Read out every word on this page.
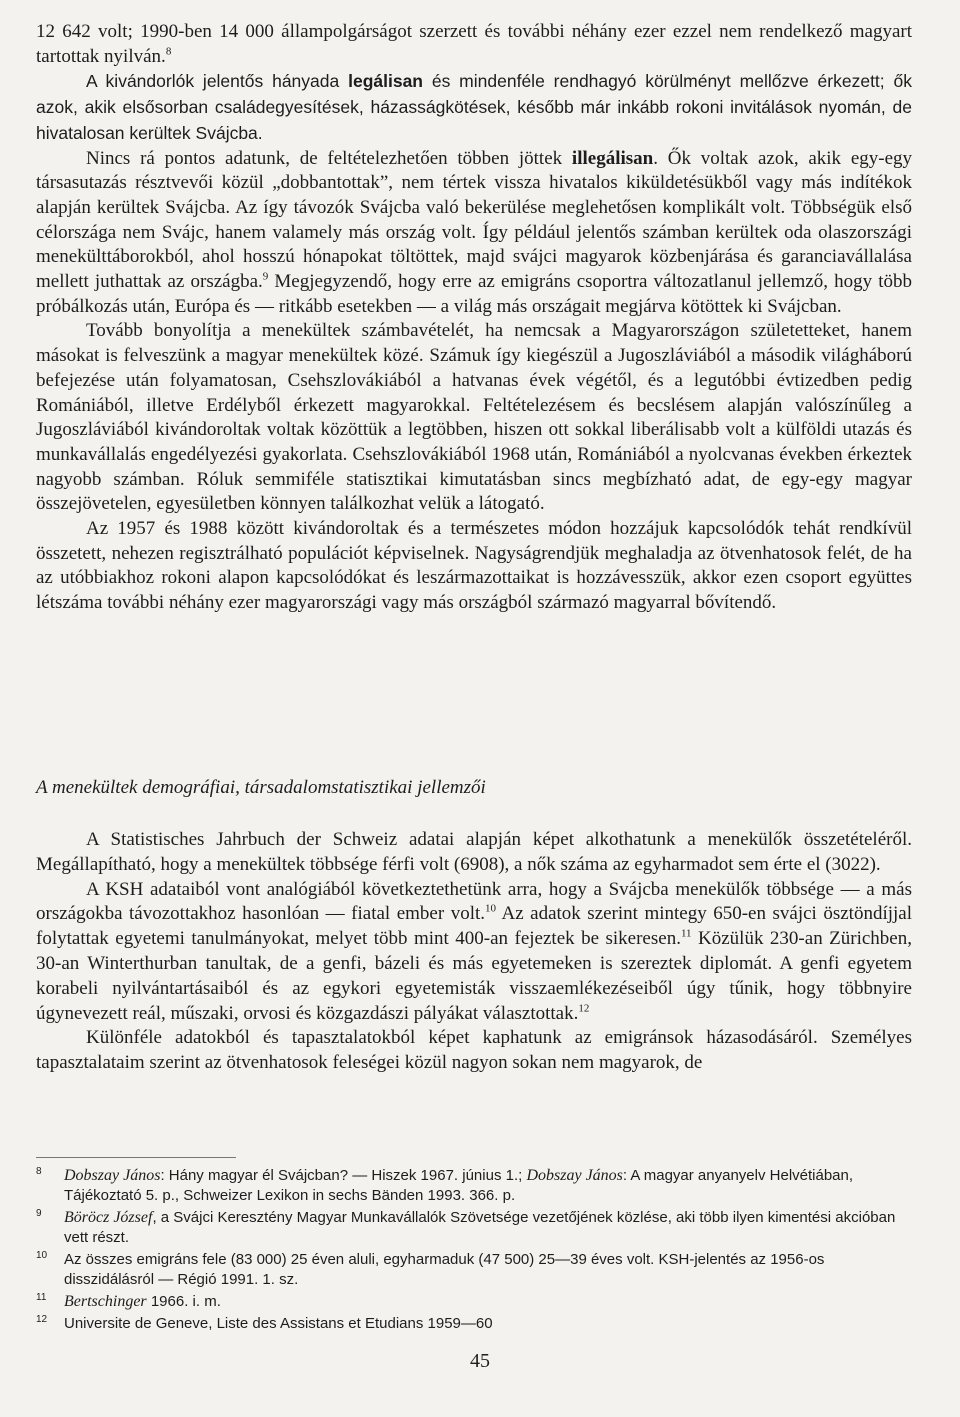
12 642 volt; 1990-ben 14 000 állampolgárságot szerzett és további néhány ezer ezzel nem rendelkező magyart tartottak nyilván.$^8$

A kivándorlók jelentős hányada legálisan és mindenféle rendhagyó körülményt mellőzve érkezett; ők azok, akik elsősorban családegyesítések, házasságkötések, később már inkább rokoni invitálások nyomán, de hivatalosan kerültek Svájcba.

Nincs rá pontos adatunk, de feltételezhetően többen jöttek illegálisan. Ők voltak azok, akik egy-egy társasutazás résztvevői közül „dobbantottak”, nem tértek vissza hivatalos kiküldetésükből vagy más indítékok alapján kerültek Svájcba. Az így távozók Svájcba való bekerülése meglehetősen komplikált volt. Többségük első célországa nem Svájc, hanem valamely más ország volt. Így például jelentős számban kerültek oda olaszországi menekülttáborokból, ahol hosszú hónapokat töltöttek, majd svájci magyarok közbenjárása és garanciavállalása mellett juthattak az országba.$^9$ Megjegyzendő, hogy erre az emigráns csoportra változatlanul jellemző, hogy több próbálkozás után, Európa és — ritkább esetekben — a világ más országait megjárva kötöttek ki Svájcban.

Tovább bonyolítja a menekültek számbavételét, ha nemcsak a Magyarországon születetteket, hanem másokat is felveszünk a magyar menekültek közé. Számuk így kiegészül a Jugoszláviából a második világháború befejezése után folyamatosan, Csehszlovákiából a hatvanas évek végétől, és a legutóbbi évtizedben pedig Romániából, illetve Erdélyből érkezett magyarokkal. Feltételezésem és becslésem alapján valószínűleg a Jugoszláviából kivándoroltak voltak közöttük a legtöbben, hiszen ott sokkal liberálisabb volt a külföldi utazás és munkavállalás engedélyezési gyakorlata. Csehszlovákiából 1968 után, Romániából a nyolcvanas években érkeztek nagyobb számban. Róluk semmiféle statisztikai kimutatásban sincs megbízható adat, de egy-egy magyar összejövetelen, egyesületben könnyen találkozhat velük a látogató.

Az 1957 és 1988 között kivándoroltak és a természetes módon hozzájuk kapcsolódók tehát rendkívül összetett, nehezen regisztrálható populációt képviselnek. Nagyságrendjük meghaladja az ötvenhatosok felét, de ha az utóbbiakhoz rokoni alapon kapcsolódókat és leszármazottaikat is hozzávesszük, akkor ezen csoport együttes létszáma további néhány ezer magyarországi vagy más országból származó magyarral bővítendő.

A menekültek demográfiai, társadalomstatisztikai jellemzői

A Statistisches Jahrbuch der Schweiz adatai alapján képet alkothatunk a menekülők összetételéről. Megállapítható, hogy a menekültek többsége férfi volt (6908), a nők száma az egyharmadot sem érte el (3022).

A KSH adataiból vont analógiából következtethetünk arra, hogy a Svájcba menekülők többsége — a más országokba távozottakhoz hasonlóan — fiatal ember volt.$^{10}$ Az adatok szerint mintegy 650-en svájci ösztöndíjjal folytattak egyetemi tanulmányokat, melyet több mint 400-an fejeztek be sikeresen.$^{11}$ Közülük 230-an Zürichben, 30-an Winterthurban tanultak, de a genfi, bázeli és más egyetemeken is szereztek diplomát. A genfi egyetem korabeli nyilvántartásaiból és az egykori egyetemisták visszaemlékezéseiből úgy tűnik, hogy többnyire úgynevezett reál, műszaki, orvosi és közgazdászi pályákat választottak.$^{12}$

Különféle adatokból és tapasztalatokból képet kaphatunk az emigránsok házasodásáról. Személyes tapasztalataim szerint az ötvenhatosok feleségei közül nagyon sokan nem magyarok, de

8 Dobszay János: Hány magyar él Svájcban? — Hiszek 1967. június 1.; Dobszay János: A magyar anyanyelv Helvétiában, Tájékoztató 5. p., Schweizer Lexikon in sechs Bänden 1993. 366. p.
9 Böröcz József, a Svájci Keresztény Magyar Munkavállalók Szövetsége vezetőjének közlése, aki több ilyen kimentési akcióban vett részt.
10 Az összes emigráns fele (83 000) 25 éven aluli, egyharmaduk (47 500) 25—39 éves volt. KSH-jelentés az 1956-os disszidálásról — Régió 1991. 1. sz.
11 Bertschinger 1966. i. m.
12 Universite de Geneve, Liste des Assistans et Etudians 1959—60
45
